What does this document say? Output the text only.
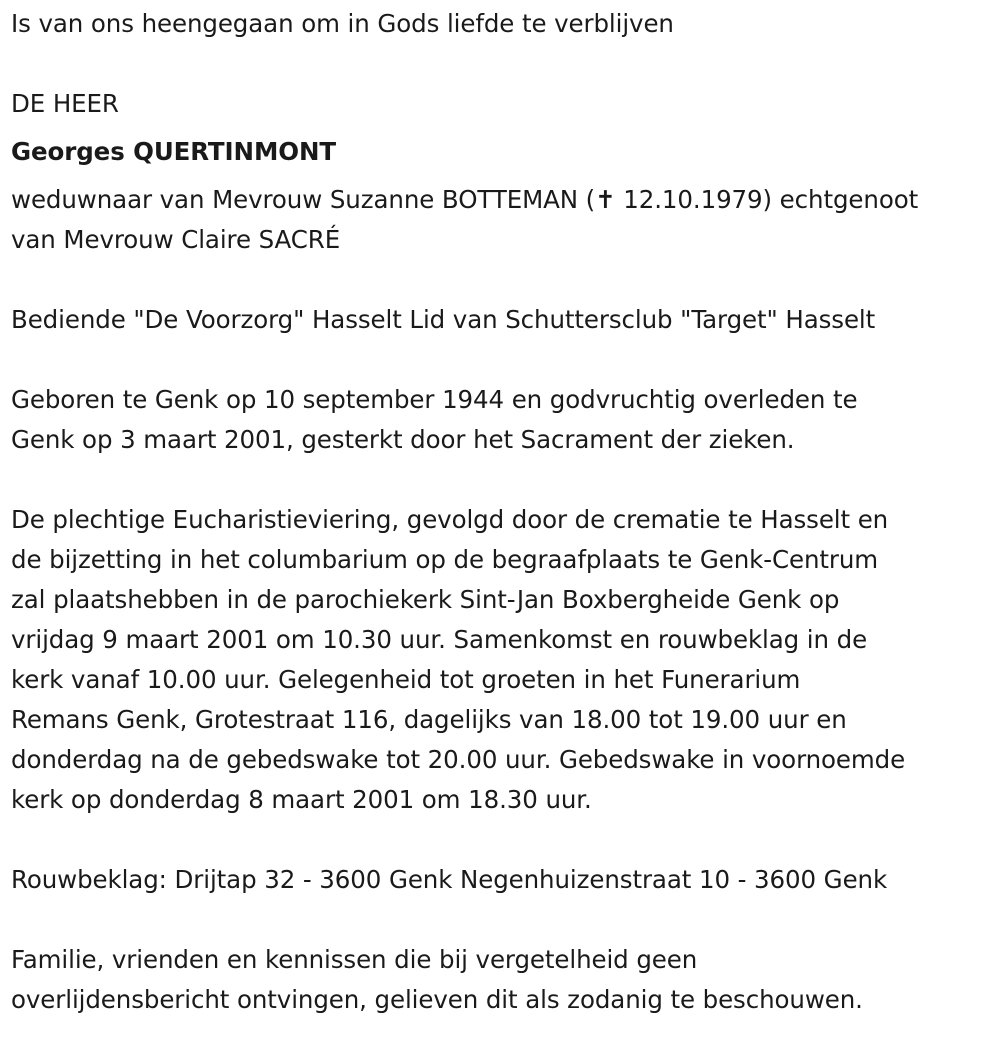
Is van ons heengegaan om in Gods liefde te verblijven
DE HEER
Georges QUERTINMONT
weduwnaar van Mevrouw Suzanne BOTTEMAN (✝ 12.10.1979) echtgenoot
van Mevrouw Claire SACRÉ
Bediende "De Voorzorg" Hasselt Lid van Schuttersclub "Target" Hasselt
Geboren te Genk op 10 september 1944 en godvruchtig overleden te
Genk op 3 maart 2001, gesterkt door het Sacrament der zieken.
De plechtige Eucharistieviering, gevolgd door de crematie te Hasselt en
de bijzetting in het columbarium op de begraafplaats te Genk-Centrum
zal plaatshebben in de parochiekerk Sint-Jan Boxbergheide Genk op
vrijdag 9 maart 2001 om 10.30 uur. Samenkomst en rouwbeklag in de
kerk vanaf 10.00 uur. Gelegenheid tot groeten in het Funerarium
Remans Genk, Grotestraat 116, dagelijks van 18.00 tot 19.00 uur en
donderdag na de gebedswake tot 20.00 uur. Gebedswake in voornoemde
kerk op donderdag 8 maart 2001 om 18.30 uur.
Rouwbeklag: Drijtap 32 - 3600 Genk Negenhuizenstraat 10 - 3600 Genk
Familie, vrienden en kennissen die bij vergetelheid geen
overlijdensbericht ontvingen, gelieven dit als zodanig te beschouwen.
